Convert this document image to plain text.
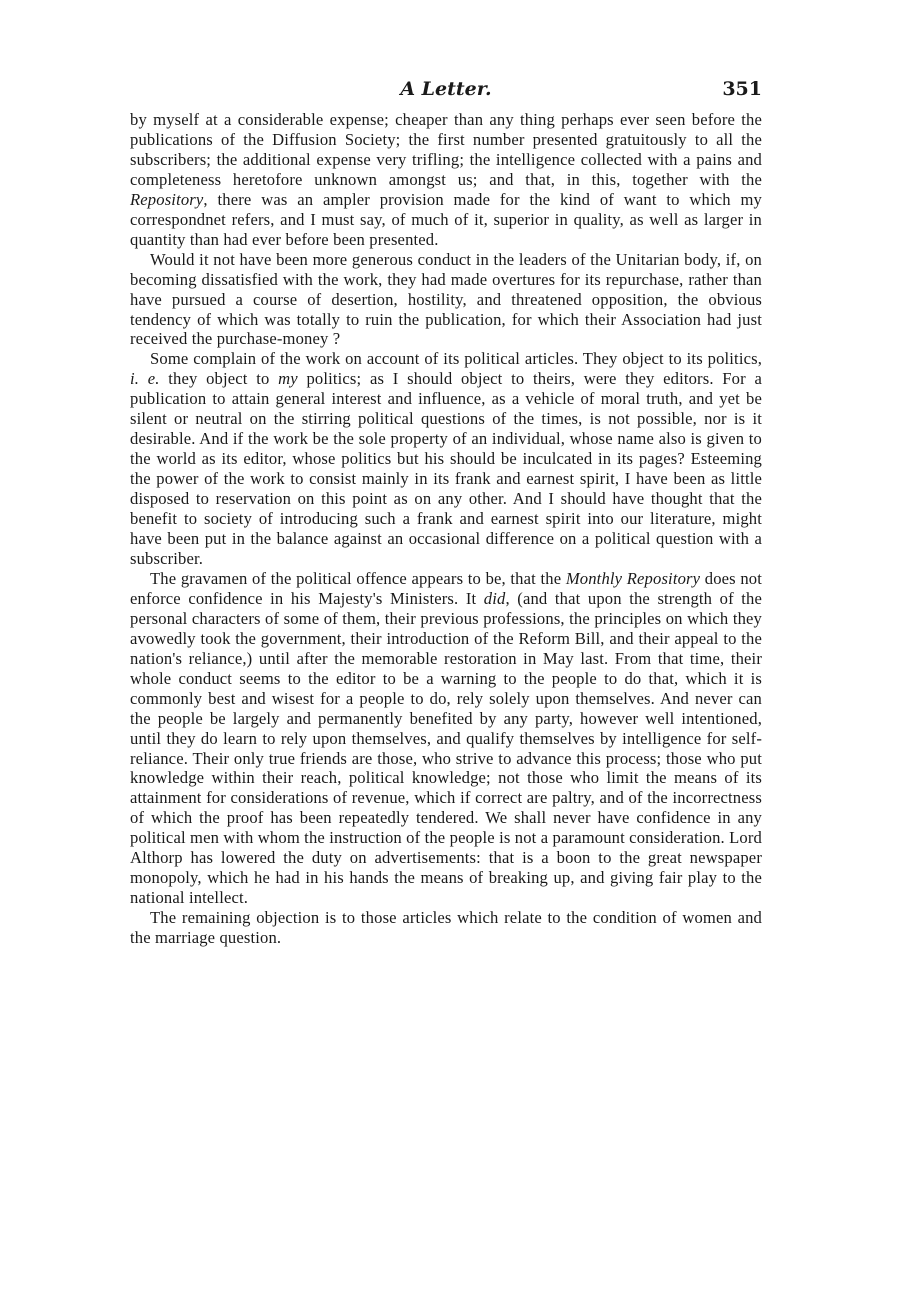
A Letter.	351

by myself at a considerable expense; cheaper than any thing perhaps ever seen before the publications of the Diffusion Society; the first number presented gratuitously to all the subscribers; the additional expense very trifling; the intelligence collected with a pains and completeness heretofore unknown amongst us; and that, in this, together with the Repository, there was an ampler provision made for the kind of want to which my correspondnet refers, and I must say, of much of it, superior in quality, as well as larger in quantity than had ever before been presented.

Would it not have been more generous conduct in the leaders of the Unitarian body, if, on becoming dissatisfied with the work, they had made overtures for its repurchase, rather than have pursued a course of desertion, hostility, and threatened opposition, the obvious tendency of which was totally to ruin the publication, for which their Association had just received the purchase-money ?

Some complain of the work on account of its political articles. They object to its politics, i. e. they object to my politics; as I should object to theirs, were they editors. For a publication to attain general interest and influence, as a vehicle of moral truth, and yet be silent or neutral on the stirring political questions of the times, is not possible, nor is it desirable. And if the work be the sole property of an individual, whose name also is given to the world as its editor, whose politics but his should be inculcated in its pages? Esteeming the power of the work to consist mainly in its frank and earnest spirit, I have been as little disposed to reservation on this point as on any other. And I should have thought that the benefit to society of introducing such a frank and earnest spirit into our literature, might have been put in the balance against an occasional difference on a political question with a subscriber.

The gravamen of the political offence appears to be, that the Monthly Repository does not enforce confidence in his Majesty's Ministers. It did, (and that upon the strength of the personal characters of some of them, their previous professions, the principles on which they avowedly took the government, their introduction of the Reform Bill, and their appeal to the nation's reliance,) until after the memorable restoration in May last. From that time, their whole conduct seems to the editor to be a warning to the people to do that, which it is commonly best and wisest for a people to do, rely solely upon themselves. And never can the people be largely and permanently benefited by any party, however well intentioned, until they do learn to rely upon themselves, and qualify themselves by intelligence for self-reliance. Their only true friends are those, who strive to advance this process; those who put knowledge within their reach, political knowledge; not those who limit the means of its attainment for considerations of revenue, which if correct are paltry, and of the incorrectness of which the proof has been repeatedly tendered. We shall never have confidence in any political men with whom the instruction of the people is not a paramount consideration. Lord Althorp has lowered the duty on advertisements: that is a boon to the great newspaper monopoly, which he had in his hands the means of breaking up, and giving fair play to the national intellect.

The remaining objection is to those articles which relate to the condition of women and the marriage question.
